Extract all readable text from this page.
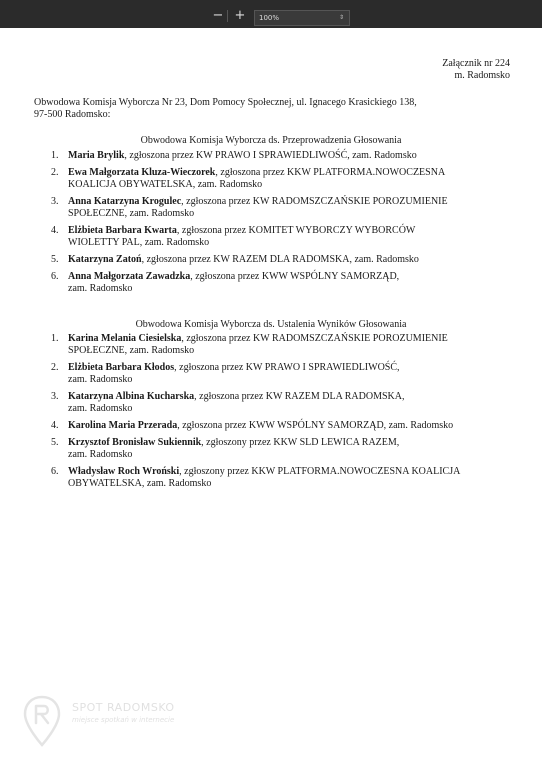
− +	100%	⇕
Załącznik nr 224
m. Radomsko
Obwodowa Komisja Wyborcza Nr 23, Dom Pomocy Społecznej, ul. Ignacego Krasickiego 138,
97-500 Radomsko:
Obwodowa Komisja Wyborcza ds. Przeprowadzenia Głosowania
1. Maria Brylik, zgłoszona przez KW PRAWO I SPRAWIEDLIWOŚĆ, zam. Radomsko
2. Ewa Małgorzata Kluza-Wieczorek, zgłoszona przez KKW PLATFORMA.NOWOCZESNA
KOALICJA OBYWATELSKA, zam. Radomsko
3. Anna Katarzyna Krogulec, zgłoszona przez KW RADOMSZCZAŃSKIE POROZUMIENIE
SPOŁECZNE, zam. Radomsko
4. Elżbieta Barbara Kwarta, zgłoszona przez KOMITET WYBORCZY WYBORCÓW
WIOLETTY PAL, zam. Radomsko
5. Katarzyna Zatoń, zgłoszona przez KW RAZEM DLA RADOMSKA, zam. Radomsko
6. Anna Małgorzata Zawadzka, zgłoszona przez KWW WSPÓLNY SAMORZĄD,
zam. Radomsko
Obwodowa Komisja Wyborcza ds. Ustalenia Wyników Głosowania
1. Karina Melania Ciesielska, zgłoszona przez KW RADOMSZCZAŃSKIE POROZUMIENIE
SPOŁECZNE, zam. Radomsko
2. Elżbieta Barbara Kłodos, zgłoszona przez KW PRAWO I SPRAWIEDLIWOŚĆ,
zam. Radomsko
3. Katarzyna Albina Kucharska, zgłoszona przez KW RAZEM DLA RADOMSKA,
zam. Radomsko
4. Karolina Maria Przerada, zgłoszona przez KWW WSPÓLNY SAMORZĄD, zam. Radomsko
5. Krzysztof Bronisław Sukiennik, zgłoszony przez KKW SLD LEWICA RAZEM,
zam. Radomsko
6. Władysław Roch Wroński, zgłoszony przez KKW PLATFORMA.NOWOCZESNA KOALICJA
OBYWATELSKA, zam. Radomsko
SPOT RADOMSKO
miejsce spotkań w internecie
